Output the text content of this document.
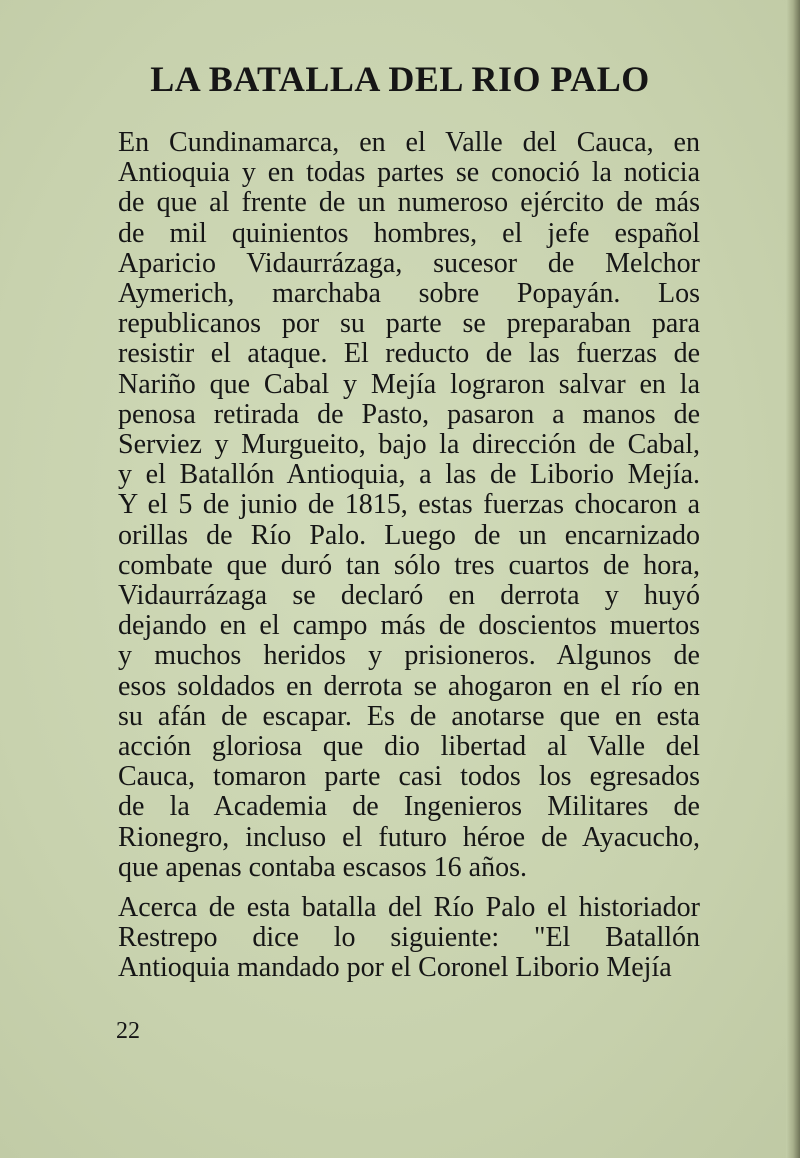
LA BATALLA DEL RIO PALO
En Cundinamarca, en el Valle del Cauca, en
Antioquia y en todas partes se conoció la noticia
de que al frente de un numeroso ejército de más
de mil quinientos hombres, el jefe español
Aparicio Vidaurrázaga, sucesor de Melchor
Aymerich, marchaba sobre Popayán. Los
republicanos por su parte se preparaban para
resistir el ataque. El reducto de las fuerzas de
Nariño que Cabal y Mejía lograron salvar en la
penosa retirada de Pasto, pasaron a manos de
Serviez y Murgueito, bajo la dirección de Cabal,
y el Batallón Antioquia, a las de Liborio Mejía.
Y el 5 de junio de 1815, estas fuerzas chocaron a
orillas de Río Palo. Luego de un encarnizado
combate que duró tan sólo tres cuartos de hora,
Vidaurrázaga se declaró en derrota y huyó
dejando en el campo más de doscientos muertos
y muchos heridos y prisioneros. Algunos de
esos soldados en derrota se ahogaron en el río en
su afán de escapar. Es de anotarse que en esta
acción gloriosa que dio libertad al Valle del
Cauca, tomaron parte casi todos los egresados
de la Academia de Ingenieros Militares de
Rionegro, incluso el futuro héroe de Ayacucho,
que apenas contaba escasos 16 años.
Acerca de esta batalla del Río Palo el historiador
Restrepo dice lo siguiente: "El Batallón
Antioquia mandado por el Coronel Liborio Mejía

22
